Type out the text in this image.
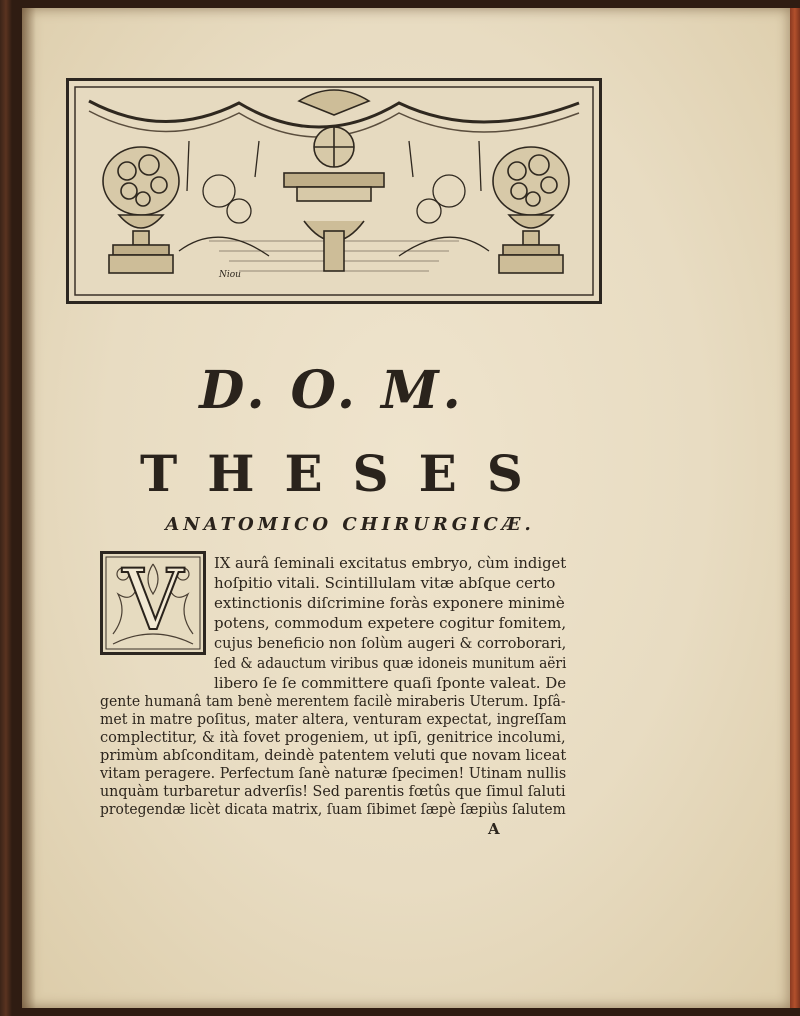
Niou
D. O. M.
THESES
ANATOMICO CHIRURGICÆ.
V	IX aurâ ſeminali excitatus embryo, cùm indiget
hoſpitio vitali. Scintillulam vitæ abſque certo
extinctionis diſcrimine foràs exponere minimè
potens, commodum expetere cogitur fomitem,
cujus beneficio non ſolùm augeri & corroborari,
ſed & adauctum viribus quæ idoneis munitum aëri
libero ſe ſe committere quaſi ſponte valeat. De
gente humanâ tam benè merentem facilè miraberis Uterum. Ipſâ-
met in matre poſitus, mater altera, venturam expectat, ingreſſam
complectitur, & ità fovet progeniem, ut ipſi, genitrice incolumi,
primùm abſconditam, deindè patentem veluti que novam liceat
vitam peragere. Perfectum ſanè naturæ ſpecimen! Utinam nullis
unquàm turbaretur adverſis! Sed parentis fœtûs que ſimul ſaluti
protegendæ licèt dicata matrix, ſuam ſibimet ſæpè ſæpiùs ſalutem
A
